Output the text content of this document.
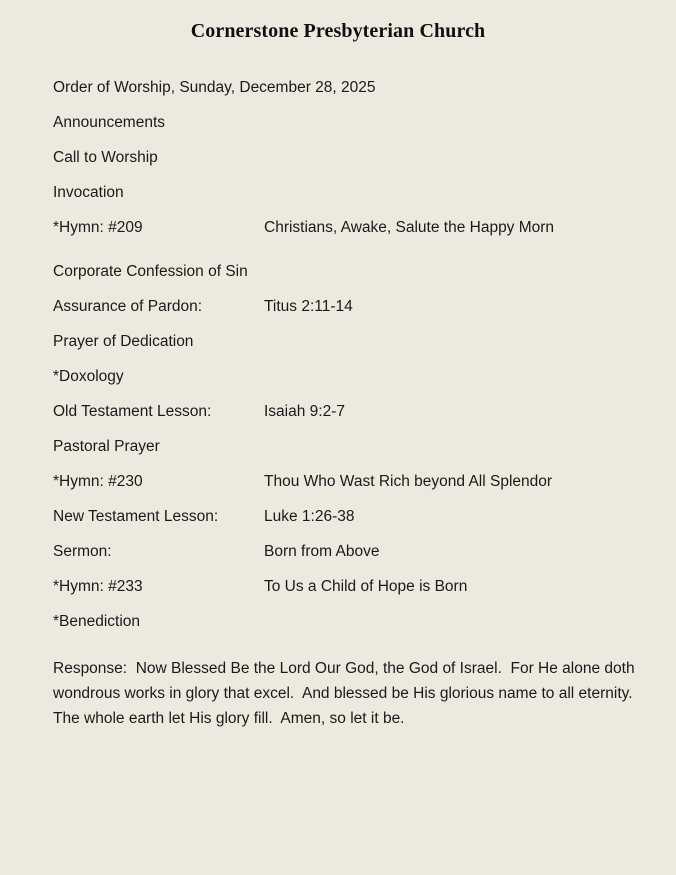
Cornerstone Presbyterian Church
Order of Worship, Sunday, December 28, 2025
Announcements
Call to Worship
Invocation
*Hymn: #209	Christians, Awake, Salute the Happy Morn
Corporate Confession of Sin
Assurance of Pardon:	Titus 2:11-14
Prayer of Dedication
*Doxology
Old Testament Lesson:	Isaiah 9:2-7
Pastoral Prayer
*Hymn: #230	Thou Who Wast Rich beyond All Splendor
New Testament Lesson:	Luke 1:26-38
Sermon:	Born from Above
*Hymn: #233	To Us a Child of Hope is Born
*Benediction
Response:  Now Blessed Be the Lord Our God, the God of Israel.  For He alone doth wondrous works in glory that excel.  And blessed be His glorious name to all eternity.  The whole earth let His glory fill.  Amen, so let it be.
